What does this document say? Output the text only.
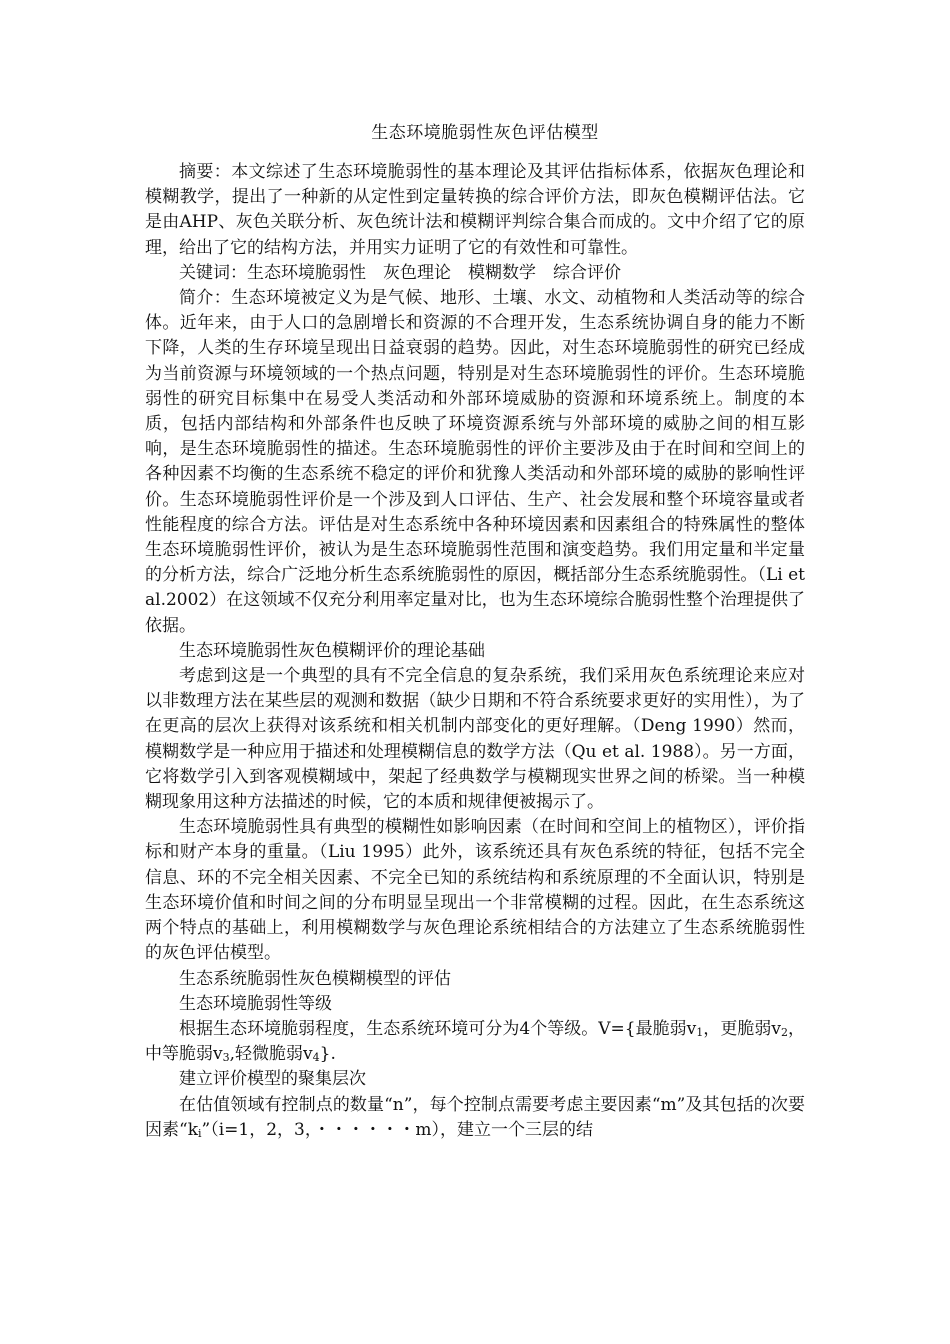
生态环境脆弱性灰色评估模型

摘要：本文综述了生态环境脆弱性的基本理论及其评估指标体系，依据灰色理论和模糊教学，提出了一种新的从定性到定量转换的综合评价方法，即灰色模糊评估法。它是由AHP、灰色关联分析、灰色统计法和模糊评判综合集合而成的。文中介绍了它的原理，给出了它的结构方法，并用实力证明了它的有效性和可靠性。

关键词：生态环境脆弱性　灰色理论　模糊数学　综合评价

简介：生态环境被定义为是气候、地形、土壤、水文、动植物和人类活动等的综合体。近年来，由于人口的急剧增长和资源的不合理开发，生态系统协调自身的能力不断下降，人类的生存环境呈现出日益衰弱的趋势。因此，对生态环境脆弱性的研究已经成为当前资源与环境领域的一个热点问题，特别是对生态环境脆弱性的评价。生态环境脆弱性的研究目标集中在易受人类活动和外部环境威胁的资源和环境系统上。制度的本质，包括内部结构和外部条件也反映了环境资源系统与外部环境的威胁之间的相互影响，是生态环境脆弱性的描述。生态环境脆弱性的评价主要涉及由于在时间和空间上的各种因素不均衡的生态系统不稳定的评价和犹豫人类活动和外部环境的威胁的影响性评价。生态环境脆弱性评价是一个涉及到人口评估、生产、社会发展和整个环境容量或者性能程度的综合方法。评估是对生态系统中各种环境因素和因素组合的特殊属性的整体生态环境脆弱性评价，被认为是生态环境脆弱性范围和演变趋势。我们用定量和半定量的分析方法，综合广泛地分析生态系统脆弱性的原因，概括部分生态系统脆弱性。（Li et al.2002）在这领域不仅充分利用率定量对比，也为生态环境综合脆弱性整个治理提供了依据。

生态环境脆弱性灰色模糊评价的理论基础

考虑到这是一个典型的具有不完全信息的复杂系统，我们采用灰色系统理论来应对以非数理方法在某些层的观测和数据（缺少日期和不符合系统要求更好的实用性），为了在更高的层次上获得对该系统和相关机制内部变化的更好理解。（Deng 1990）然而，模糊数学是一种应用于描述和处理模糊信息的数学方法（Qu et al. 1988）。另一方面，它将数学引入到客观模糊域中，架起了经典数学与模糊现实世界之间的桥梁。当一种模糊现象用这种方法描述的时候，它的本质和规律便被揭示了。

生态环境脆弱性具有典型的模糊性如影响因素（在时间和空间上的植物区），评价指标和财产本身的重量。（Liu 1995）此外，该系统还具有灰色系统的特征，包括不完全信息、环的不完全相关因素、不完全已知的系统结构和系统原理的不全面认识，特别是生态环境价值和时间之间的分布明显呈现出一个非常模糊的过程。因此，在生态系统这两个特点的基础上，利用模糊数学与灰色理论系统相结合的方法建立了生态系统脆弱性的灰色评估模型。

生态系统脆弱性灰色模糊模型的评估

生态环境脆弱性等级

根据生态环境脆弱程度，生态系统环境可分为4个等级。V={最脆弱$v_1$，更脆弱$v_2$，中等脆弱$v_3$,轻微脆弱$v_4$}.

建立评价模型的聚集层次

在估值领域有控制点的数量“n”，每个控制点需要考虑主要因素“m”及其包括的次要因素“$k_i”(i=1$，2，3，・・・・・・m），建立一个三层的结
